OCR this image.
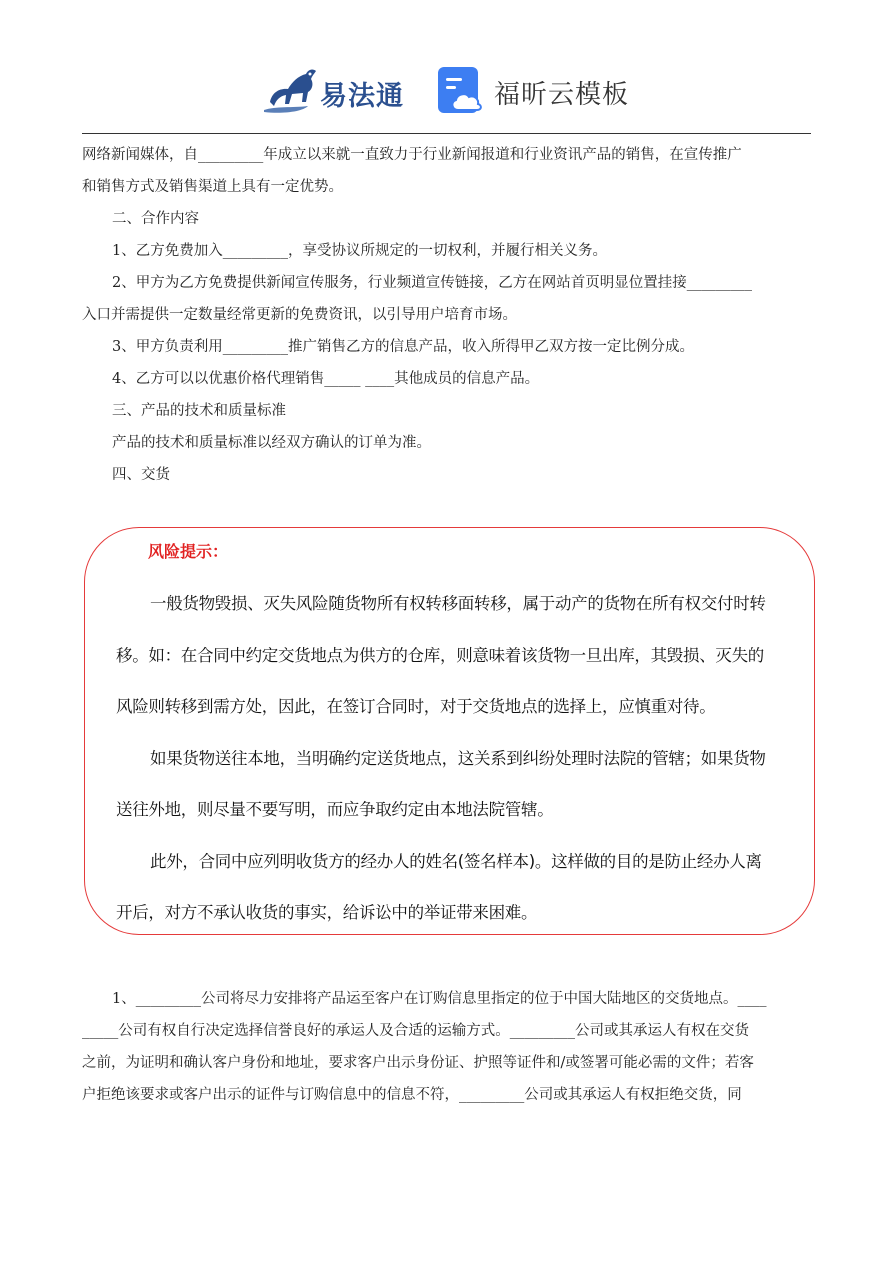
易法通	福昕云模板

网络新闻媒体，自_________年成立以来就一直致力于行业新闻报道和行业资讯产品的销售，在宣传推广

和销售方式及销售渠道上具有一定优势。

二、合作内容

1、乙方免费加入_________，享受协议所规定的一切权利，并履行相关义务。

2、甲方为乙方免费提供新闻宣传服务，行业频道宣传链接，乙方在网站首页明显位置挂接_________

入口并需提供一定数量经常更新的免费资讯，以引导用户培育市场。

3、甲方负责利用_________推广销售乙方的信息产品，收入所得甲乙双方按一定比例分成。

4、乙方可以以优惠价格代理销售_____ ____其他成员的信息产品。

三、产品的技术和质量标准

产品的技术和质量标准以经双方确认的订单为准。

四、交货

风险提示：

一般货物毁损、灭失风险随货物所有权转移面转移，属于动产的货物在所有权交付时转

移。如：在合同中约定交货地点为供方的仓库，则意味着该货物一旦出库，其毁损、灭失的

风险则转移到需方处，因此，在签订合同时，对于交货地点的选择上，应慎重对待。

如果货物送往本地，当明确约定送货地点，这关系到纠纷处理时法院的管辖；如果货物

送往外地，则尽量不要写明，而应争取约定由本地法院管辖。

此外，合同中应列明收货方的经办人的姓名(签名样本)。这样做的目的是防止经办人离

开后，对方不承认收货的事实，给诉讼中的举证带来困难。

1、_________公司将尽力安排将产品运至客户在订购信息里指定的位于中国大陆地区的交货地点。____

_____公司有权自行决定选择信誉良好的承运人及合适的运输方式。_________公司或其承运人有权在交货

之前，为证明和确认客户身份和地址，要求客户出示身份证、护照等证件和/或签署可能必需的文件；若客

户拒绝该要求或客户出示的证件与订购信息中的信息不符，_________公司或其承运人有权拒绝交货，同
